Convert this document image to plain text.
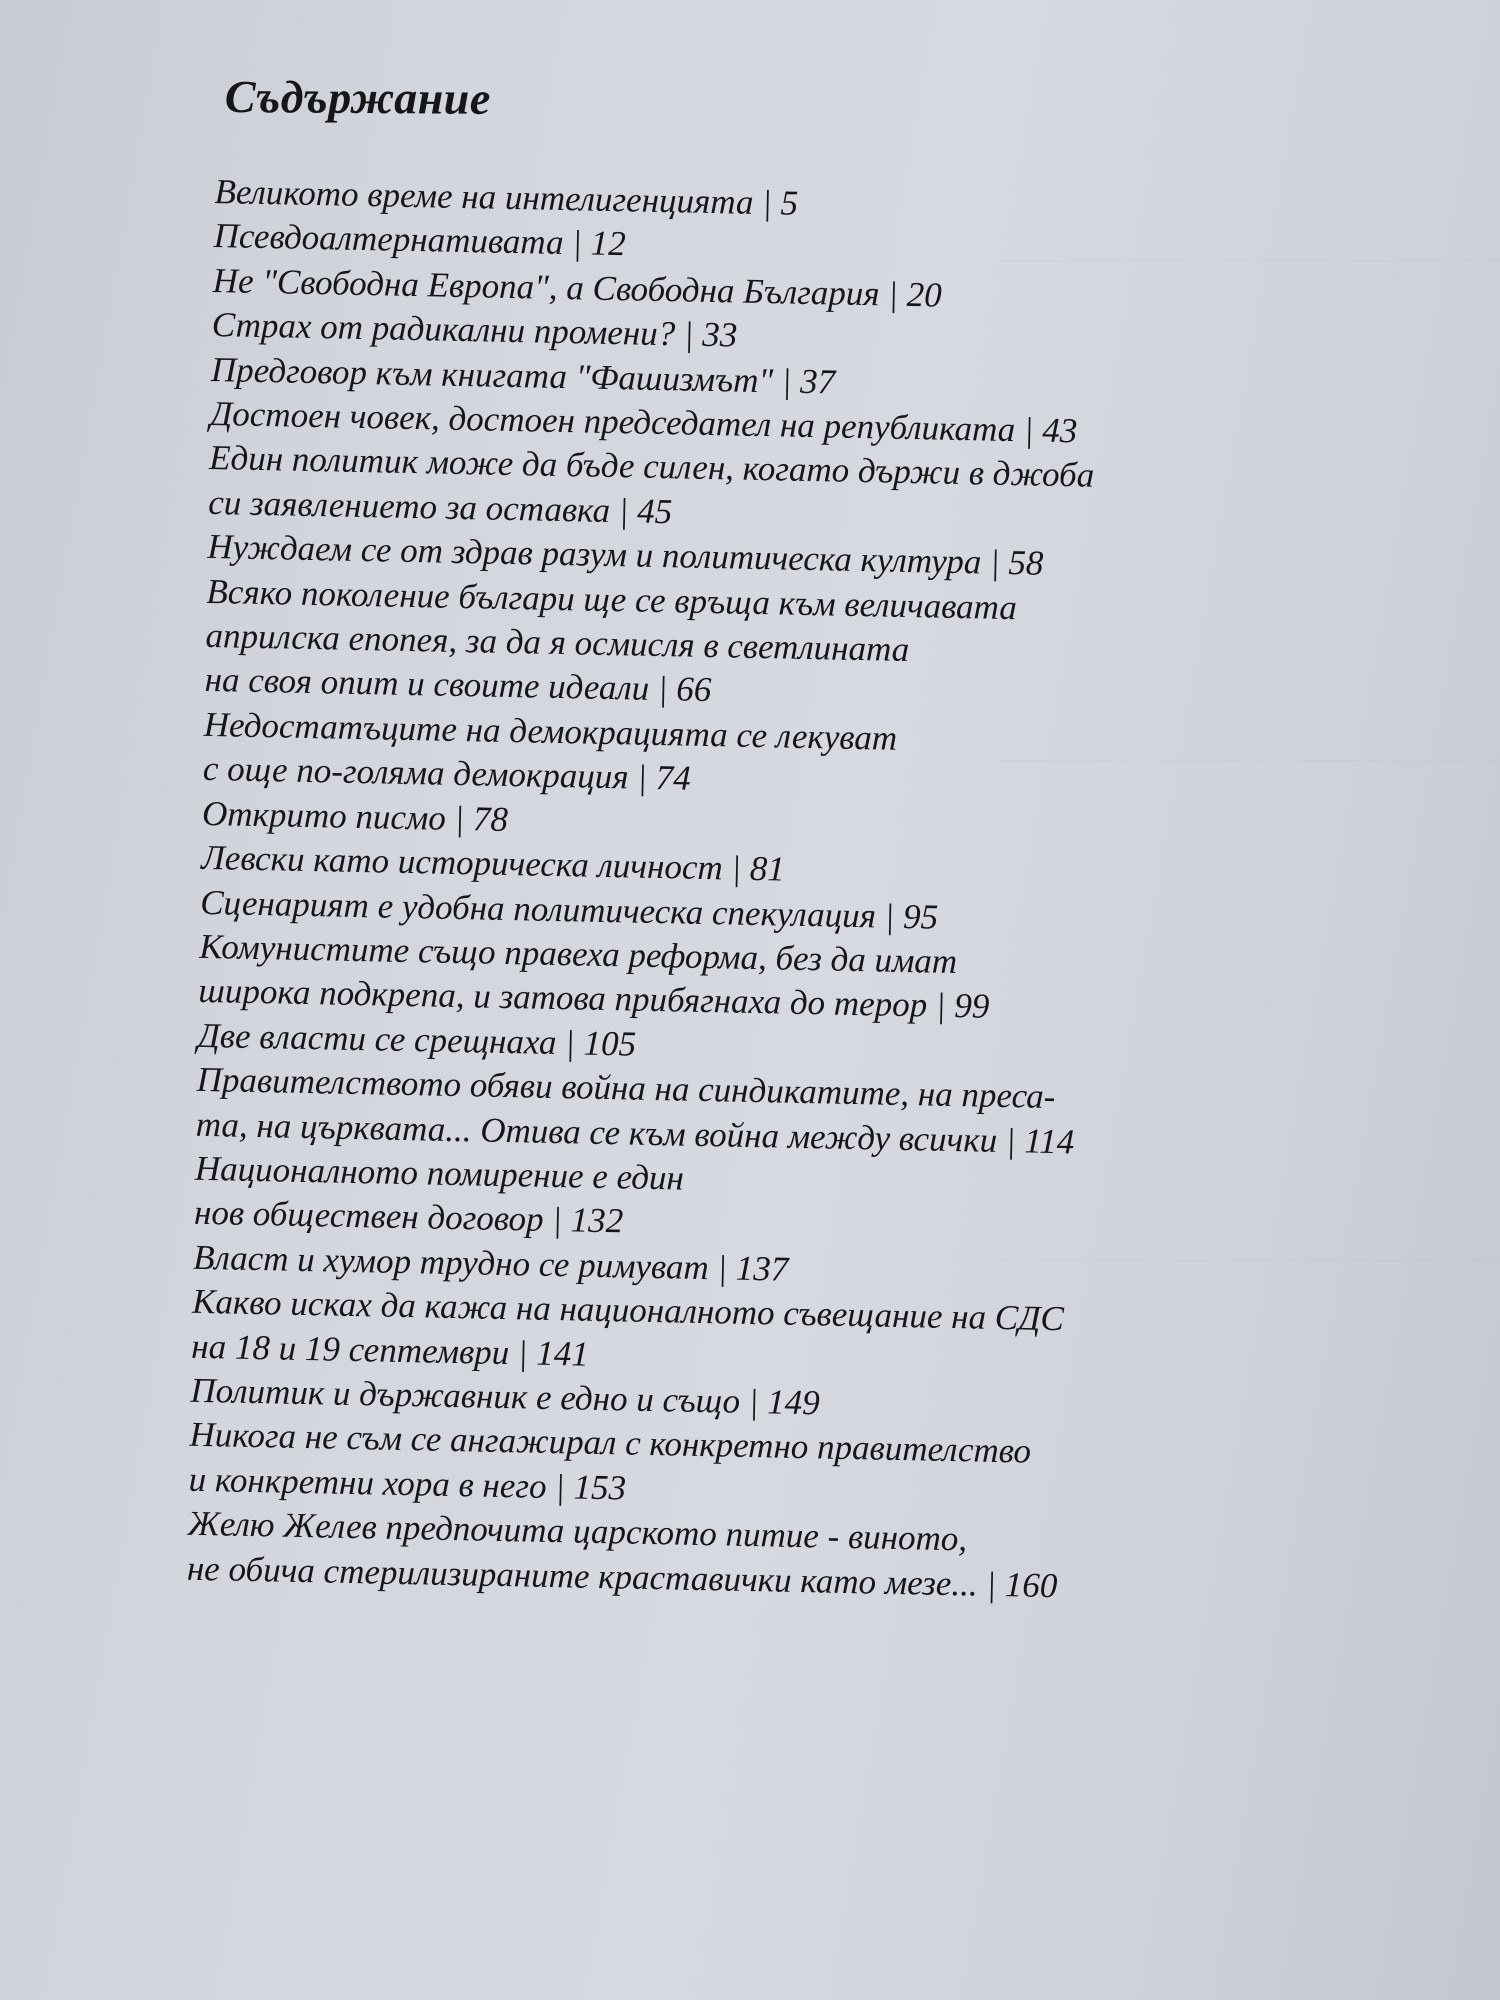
Съдържание
Великото време на интелигенцията | 5
Псевдоалтернативата | 12
Не "Свободна Европа", а Свободна България | 20
Страх от радикални промени? | 33
Предговор към книгата "Фашизмът" | 37
Достоен човек, достоен председател на републиката | 43
Един политик може да бъде силен, когато държи в джоба
си заявлението за оставка | 45
Нуждаем се от здрав разум и политическа култура | 58
Всяко поколение българи ще се връща към величавата
априлска епопея, за да я осмисля в светлината
на своя опит и своите идеали | 66
Недостатъците на демокрацията се лекуват
с още по-голяма демокрация | 74
Открито писмо | 78
Левски като историческа личност | 81
Сценарият е удобна политическа спекулация | 95
Комунистите също правеха реформа, без да имат
широка подкрепа, и затова прибягнаха до терор | 99
Две власти се срещнаха | 105
Правителството обяви война на синдикатите, на преса-
та, на църквата... Отива се към война между всички | 114
Националното помирение е един
нов обществен договор | 132
Власт и хумор трудно се римуват | 137
Какво исках да кажа на националното съвещание на СДС
на 18 и 19 септември | 141
Политик и държавник е едно и също | 149
Никога не съм се ангажирал с конкретно правителство
и конкретни хора в него | 153
Желю Желев предпочита царското питие - виното,
не обича стерилизираните краставички като мезе... | 160
